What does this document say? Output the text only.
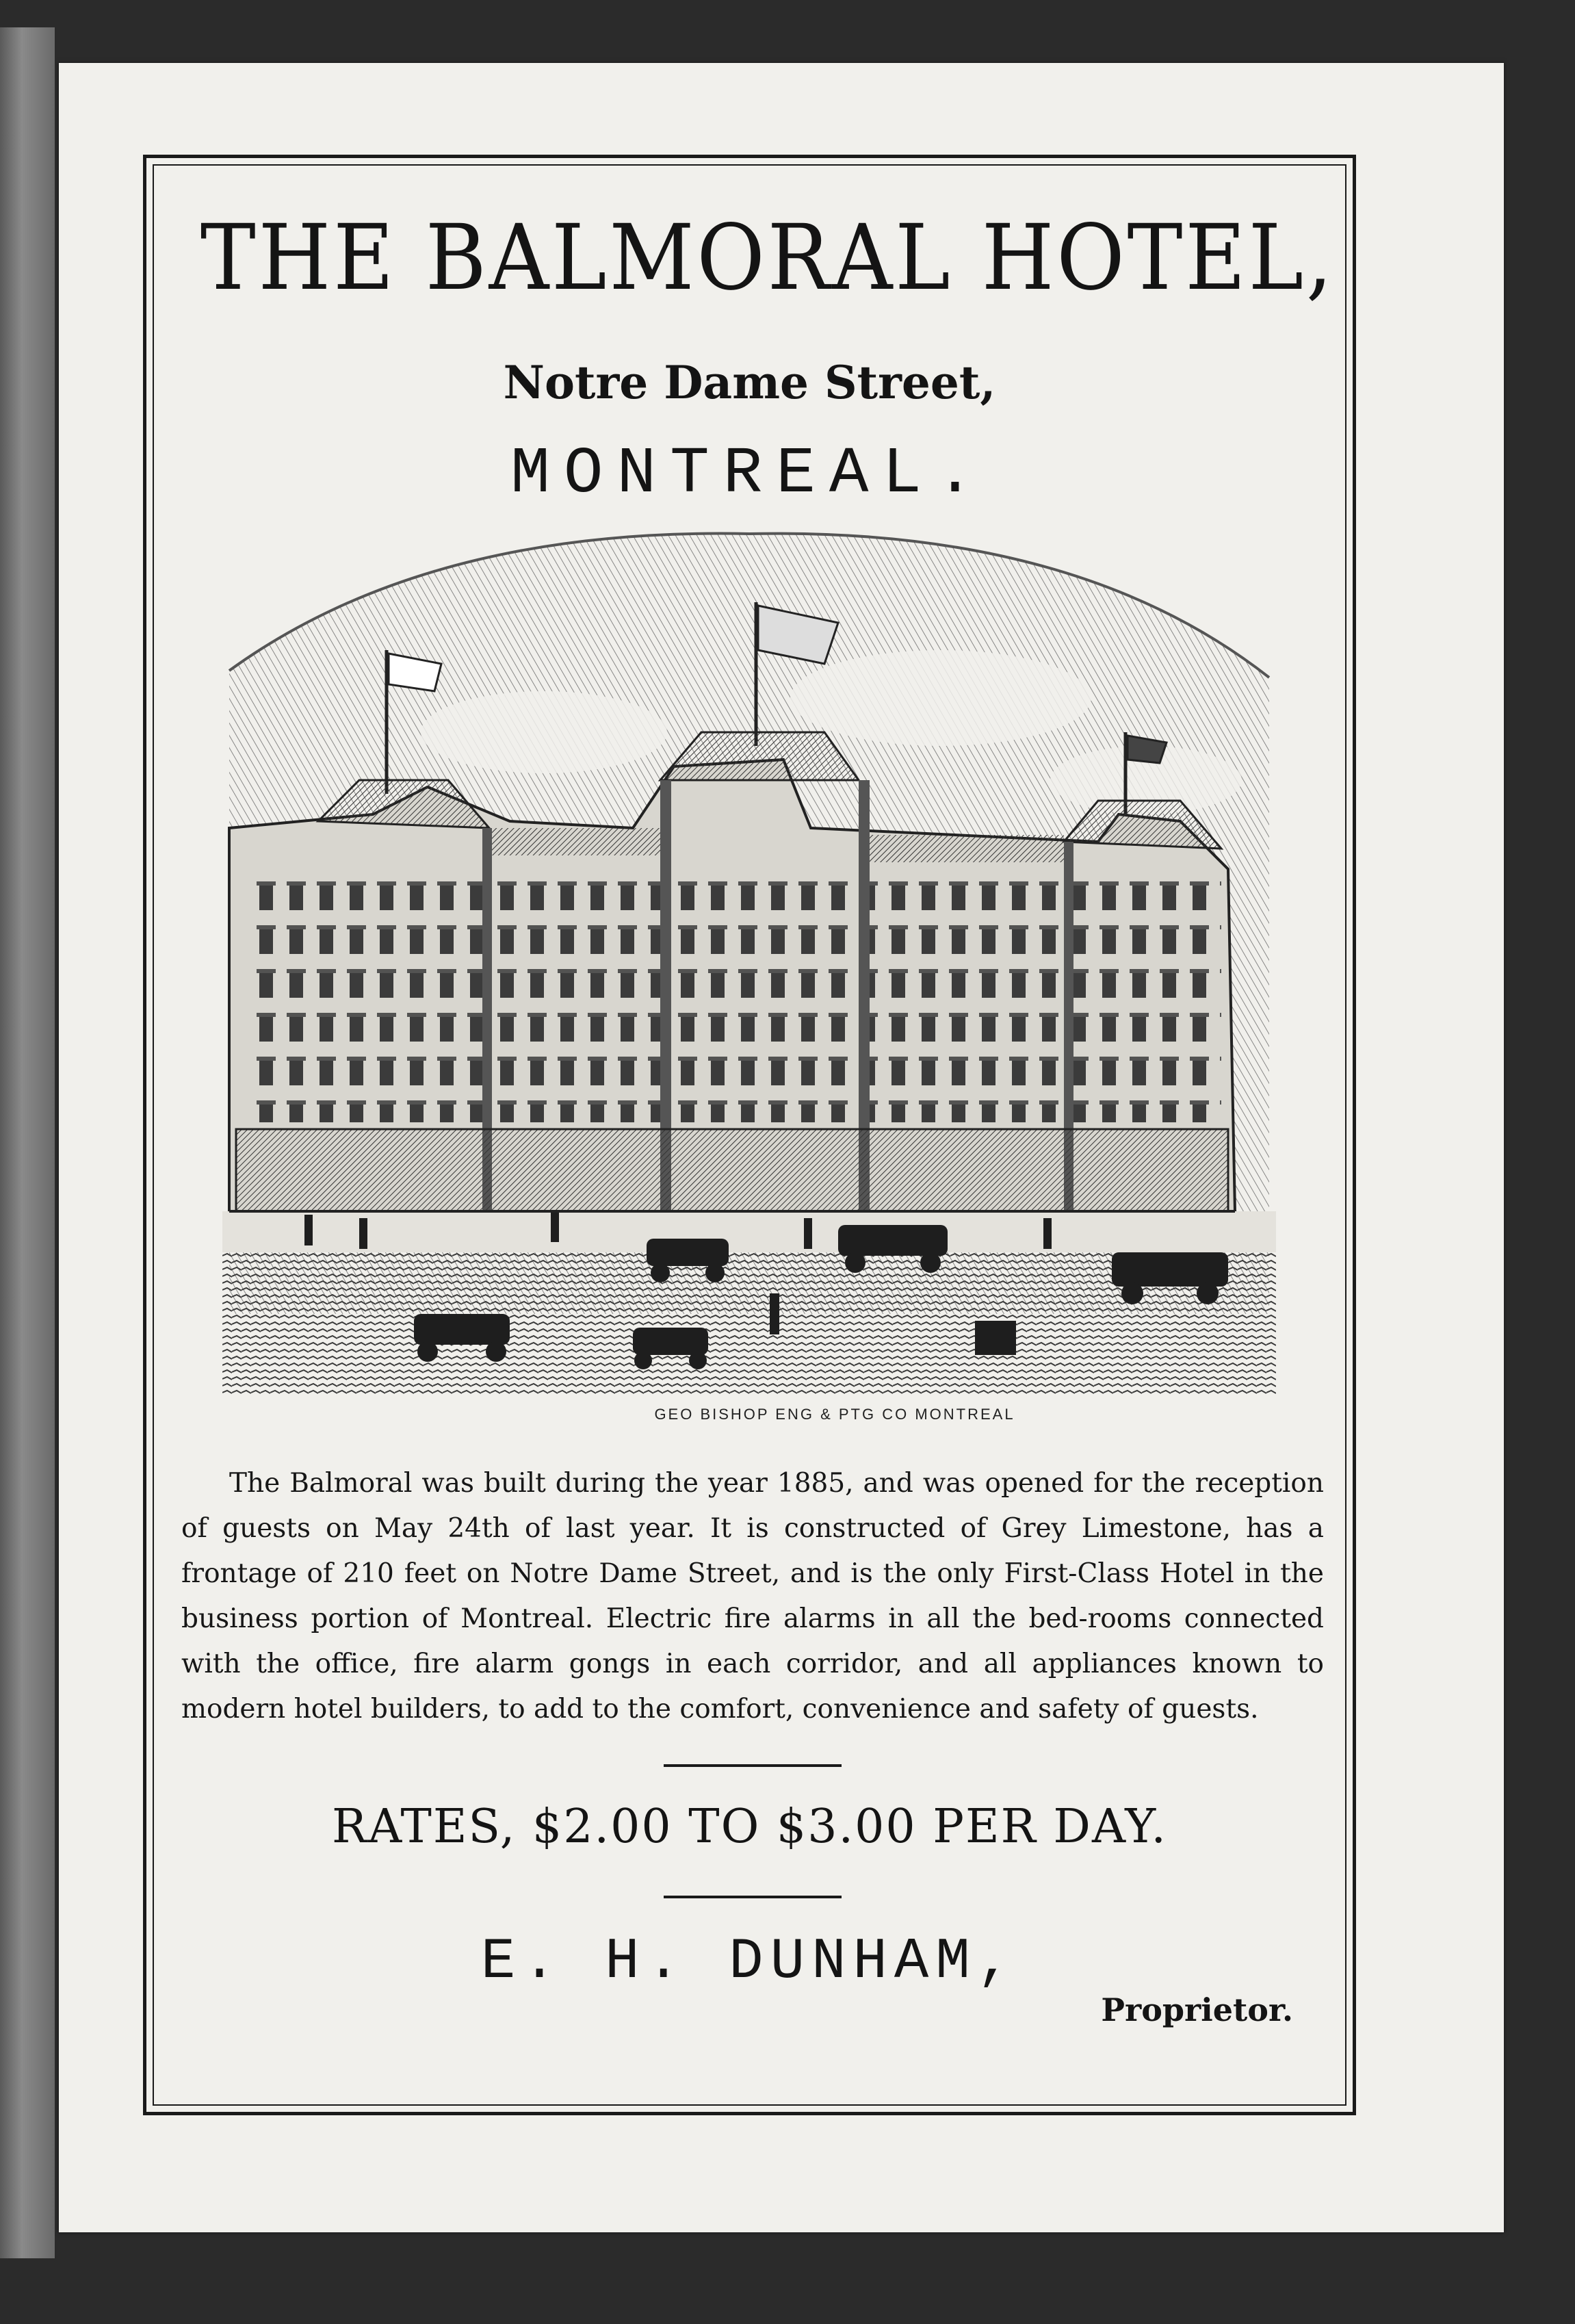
THE BALMORAL HOTEL,
Notre Dame Street,
MONTREAL.
GEO BISHOP ENG & PTG CO MONTREAL
The Balmoral was built during the year 1885, and was opened for the reception of guests on May 24th of last year. It is constructed of Grey Limestone, has a frontage of 210 feet on Notre Dame Street, and is the only First-Class Hotel in the business portion of Montreal. Electric fire alarms in all the bed-rooms connected with the office, fire alarm gongs in each corridor, and all appliances known to modern hotel builders, to add to the comfort, convenience and safety of guests.
RATES, $2.00 TO $3.00 PER DAY.
E. H. DUNHAM,
Proprietor.
